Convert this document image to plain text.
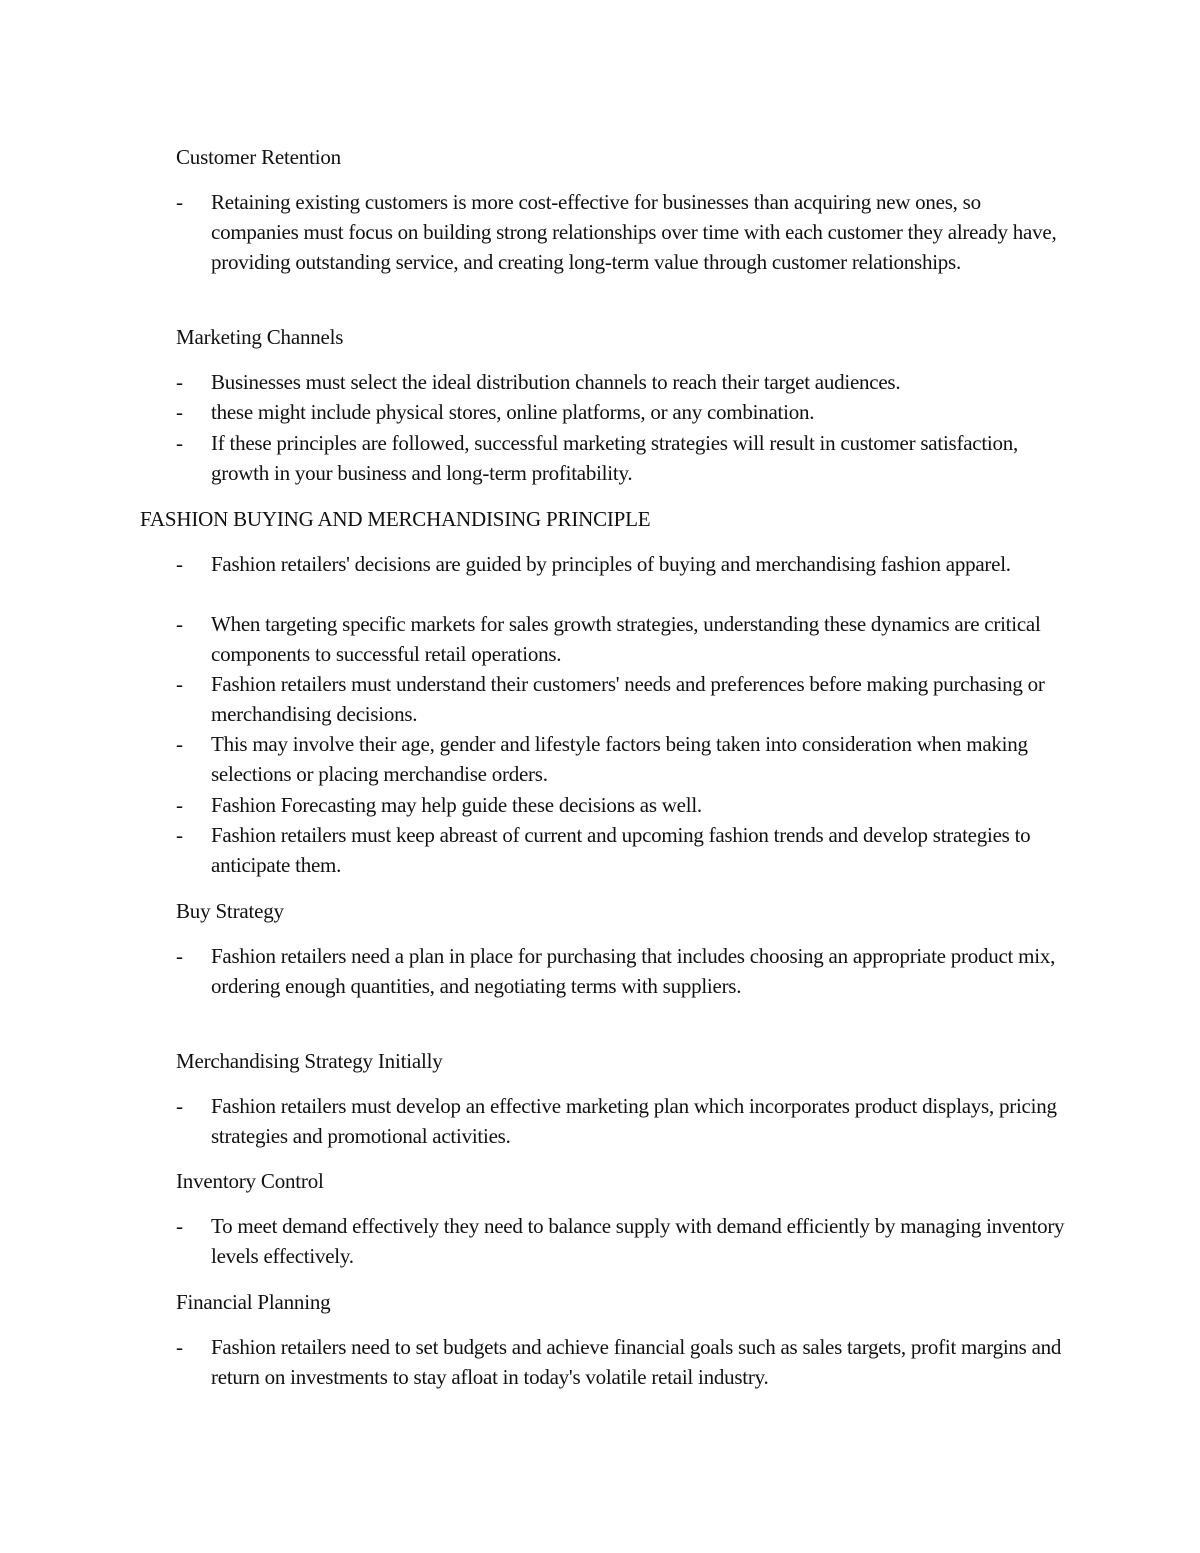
Customer Retention
- Retaining existing customers is more cost-effective for businesses than acquiring new ones, so companies must focus on building strong relationships over time with each customer they already have, providing outstanding service, and creating long-term value through customer relationships.
Marketing Channels
- Businesses must select the ideal distribution channels to reach their target audiences.
- these might include physical stores, online platforms, or any combination.
- If these principles are followed, successful marketing strategies will result in customer satisfaction, growth in your business and long-term profitability.
FASHION BUYING AND MERCHANDISING PRINCIPLE
- Fashion retailers' decisions are guided by principles of buying and merchandising fashion apparel.
- When targeting specific markets for sales growth strategies, understanding these dynamics are critical components to successful retail operations.
- Fashion retailers must understand their customers' needs and preferences before making purchasing or merchandising decisions.
- This may involve their age, gender and lifestyle factors being taken into consideration when making selections or placing merchandise orders.
- Fashion Forecasting may help guide these decisions as well.
- Fashion retailers must keep abreast of current and upcoming fashion trends and develop strategies to anticipate them.
Buy Strategy
- Fashion retailers need a plan in place for purchasing that includes choosing an appropriate product mix, ordering enough quantities, and negotiating terms with suppliers.
Merchandising Strategy Initially
- Fashion retailers must develop an effective marketing plan which incorporates product displays, pricing strategies and promotional activities.
Inventory Control
- To meet demand effectively they need to balance supply with demand efficiently by managing inventory levels effectively.
Financial Planning
- Fashion retailers need to set budgets and achieve financial goals such as sales targets, profit margins and return on investments to stay afloat in today's volatile retail industry.
